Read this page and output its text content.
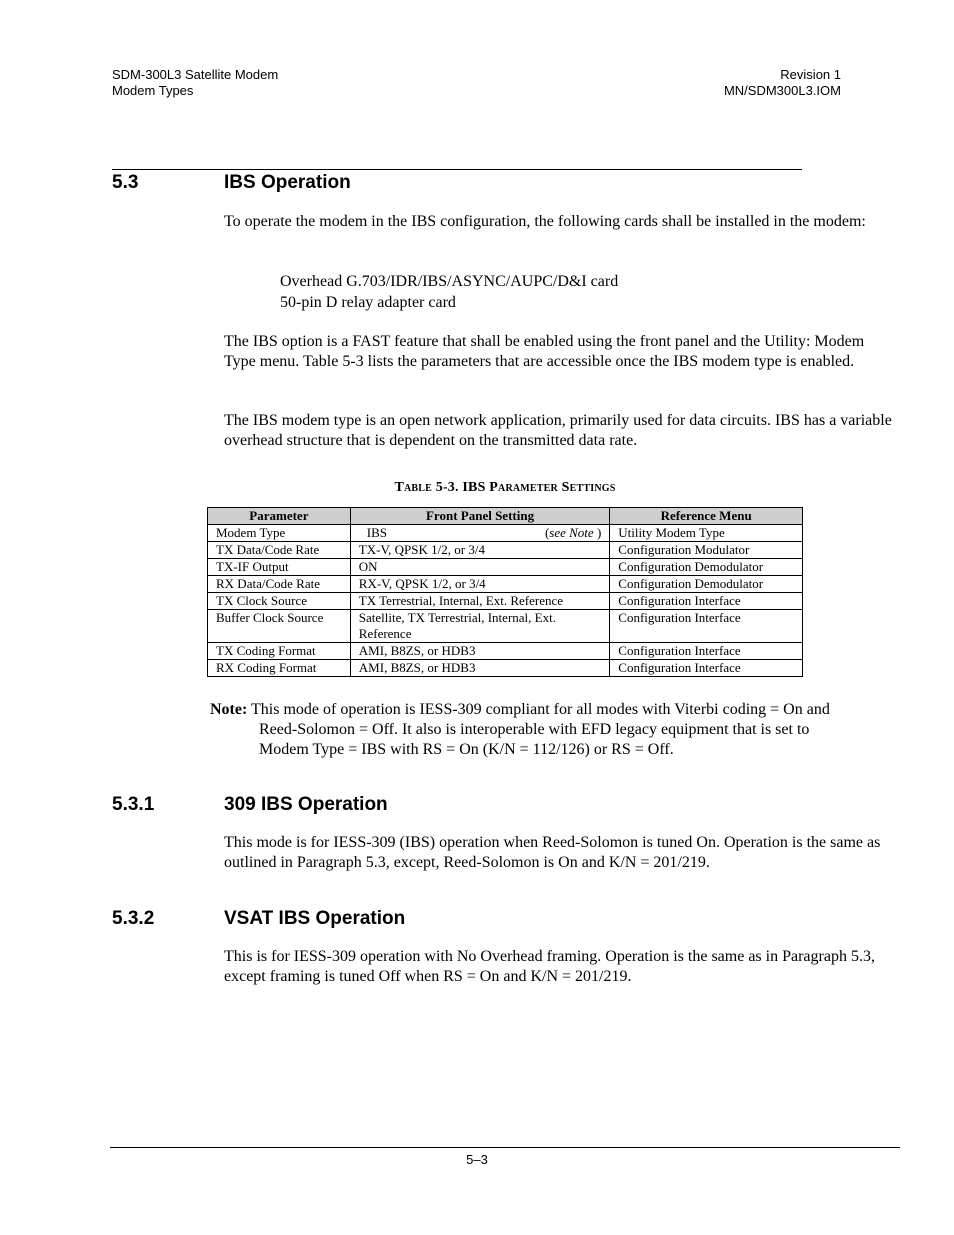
SDM-300L3 Satellite Modem
Modem Types
Revision 1
MN/SDM300L3.IOM
5.3	IBS Operation
To operate the modem in the IBS configuration, the following cards shall be installed in the modem:
Overhead G.703/IDR/IBS/ASYNC/AUPC/D&I card
50-pin D relay adapter card
The IBS option is a FAST feature that shall be enabled using the front panel and the Utility: Modem Type menu. Table 5-3 lists the parameters that are accessible once the IBS modem type is enabled.
The IBS modem type is an open network application, primarily used for data circuits. IBS has a variable overhead structure that is dependent on the transmitted data rate.
Table 5-3. IBS Parameter Settings
Parameter	Front Panel Setting	Reference Menu
Modem Type	IBS (see Note )	Utility Modem Type
TX Data/Code Rate	TX-V, QPSK 1/2, or 3/4	Configuration Modulator
TX-IF Output	ON	Configuration Demodulator
RX Data/Code Rate	RX-V, QPSK 1/2, or 3/4	Configuration Demodulator
TX Clock Source	TX Terrestrial, Internal, Ext. Reference	Configuration Interface
Buffer Clock Source	Satellite, TX Terrestrial, Internal, Ext. Reference	Configuration Interface
TX Coding Format	AMI, B8ZS, or HDB3	Configuration Interface
RX Coding Format	AMI, B8ZS, or HDB3	Configuration Interface
Note: This mode of operation is IESS-309 compliant for all modes with Viterbi coding = On and
Reed-Solomon = Off. It also is interoperable with EFD legacy equipment that is set to
Modem Type = IBS with RS = On (K/N = 112/126) or RS = Off.
5.3.1	309 IBS Operation
This mode is for IESS-309 (IBS) operation when Reed-Solomon is tuned On. Operation is the same as outlined in Paragraph 5.3, except, Reed-Solomon is On and K/N = 201/219.
5.3.2	VSAT IBS Operation
This is for IESS-309 operation with No Overhead framing. Operation is the same as in Paragraph 5.3, except framing is tuned Off when RS = On and K/N = 201/219.
5–3
